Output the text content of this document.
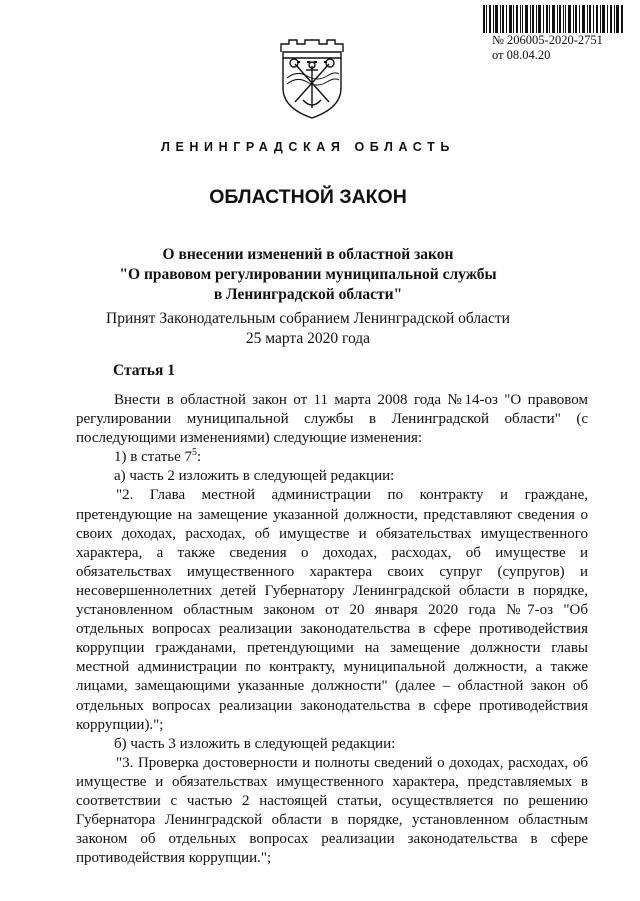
№ 206005-2020-2751
от 08.04.20
ЛЕНИНГРАДСКАЯ ОБЛАСТЬ
ОБЛАСТНОЙ ЗАКОН
О внесении изменений в областной закон
"О правовом регулировании муниципальной службы
в Ленинградской области"
Принят Законодательным собранием Ленинградской области
25 марта 2020 года
Статья 1

Внести в областной закон от 11 марта 2008 года №14-оз "О правовом регулировании муниципальной службы в Ленинградской области" (с последующими изменениями) следующие изменения:

1) в статье $7^5$:

а) часть 2 изложить в следующей редакции:

"2. Глава местной администрации по контракту и граждане, претендующие на замещение указанной должности, представляют сведения о своих доходах, расходах, об имуществе и обязательствах имущественного характера, а также сведения о доходах, расходах, об имуществе и обязательствах имущественного характера своих супруг (супругов) и несовершеннолетних детей Губернатору Ленинградской области в порядке, установленном областным законом от 20 января 2020 года №7-оз "Об отдельных вопросах реализации законодательства в сфере противодействия коррупции гражданами, претендующими на замещение должности главы местной администрации по контракту, муниципальной должности, а также лицами, замещающими указанные должности" (далее – областной закон об отдельных вопросах реализации законодательства в сфере противодействия коррупции).";

б) часть 3 изложить в следующей редакции:

"3. Проверка достоверности и полноты сведений о доходах, расходах, об имуществе и обязательствах имущественного характера, представляемых в соответствии с частью 2 настоящей статьи, осуществляется по решению Губернатора Ленинградской области в порядке, установленном областным законом об отдельных вопросах реализации законодательства в сфере противодействия коррупции.";
